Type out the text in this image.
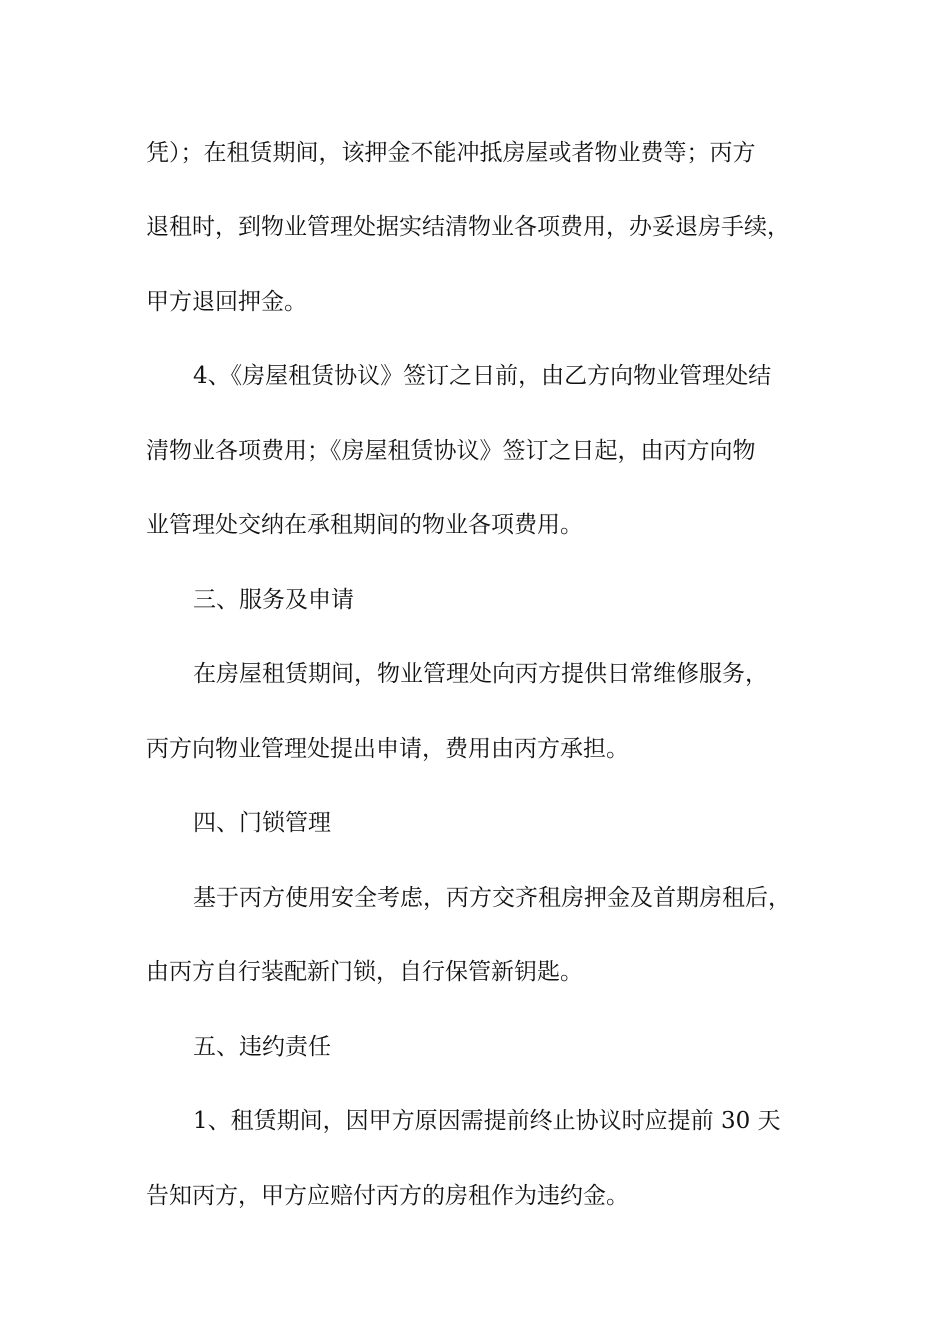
凭）；在租赁期间，该押金不能冲抵房屋或者物业费等；丙方
退租时，到物业管理处据实结清物业各项费用，办妥退房手续，
甲方退回押金。
4、《房屋租赁协议》签订之日前，由乙方向物业管理处结
清物业各项费用；《房屋租赁协议》签订之日起，由丙方向物
业管理处交纳在承租期间的物业各项费用。
三、服务及申请
在房屋租赁期间，物业管理处向丙方提供日常维修服务，
丙方向物业管理处提出申请，费用由丙方承担。
四、门锁管理
基于丙方使用安全考虑，丙方交齐租房押金及首期房租后，
由丙方自行装配新门锁，自行保管新钥匙。
五、违约责任
1、租赁期间，因甲方原因需提前终止协议时应提前 30 天
告知丙方，甲方应赔付丙方的房租作为违约金。
